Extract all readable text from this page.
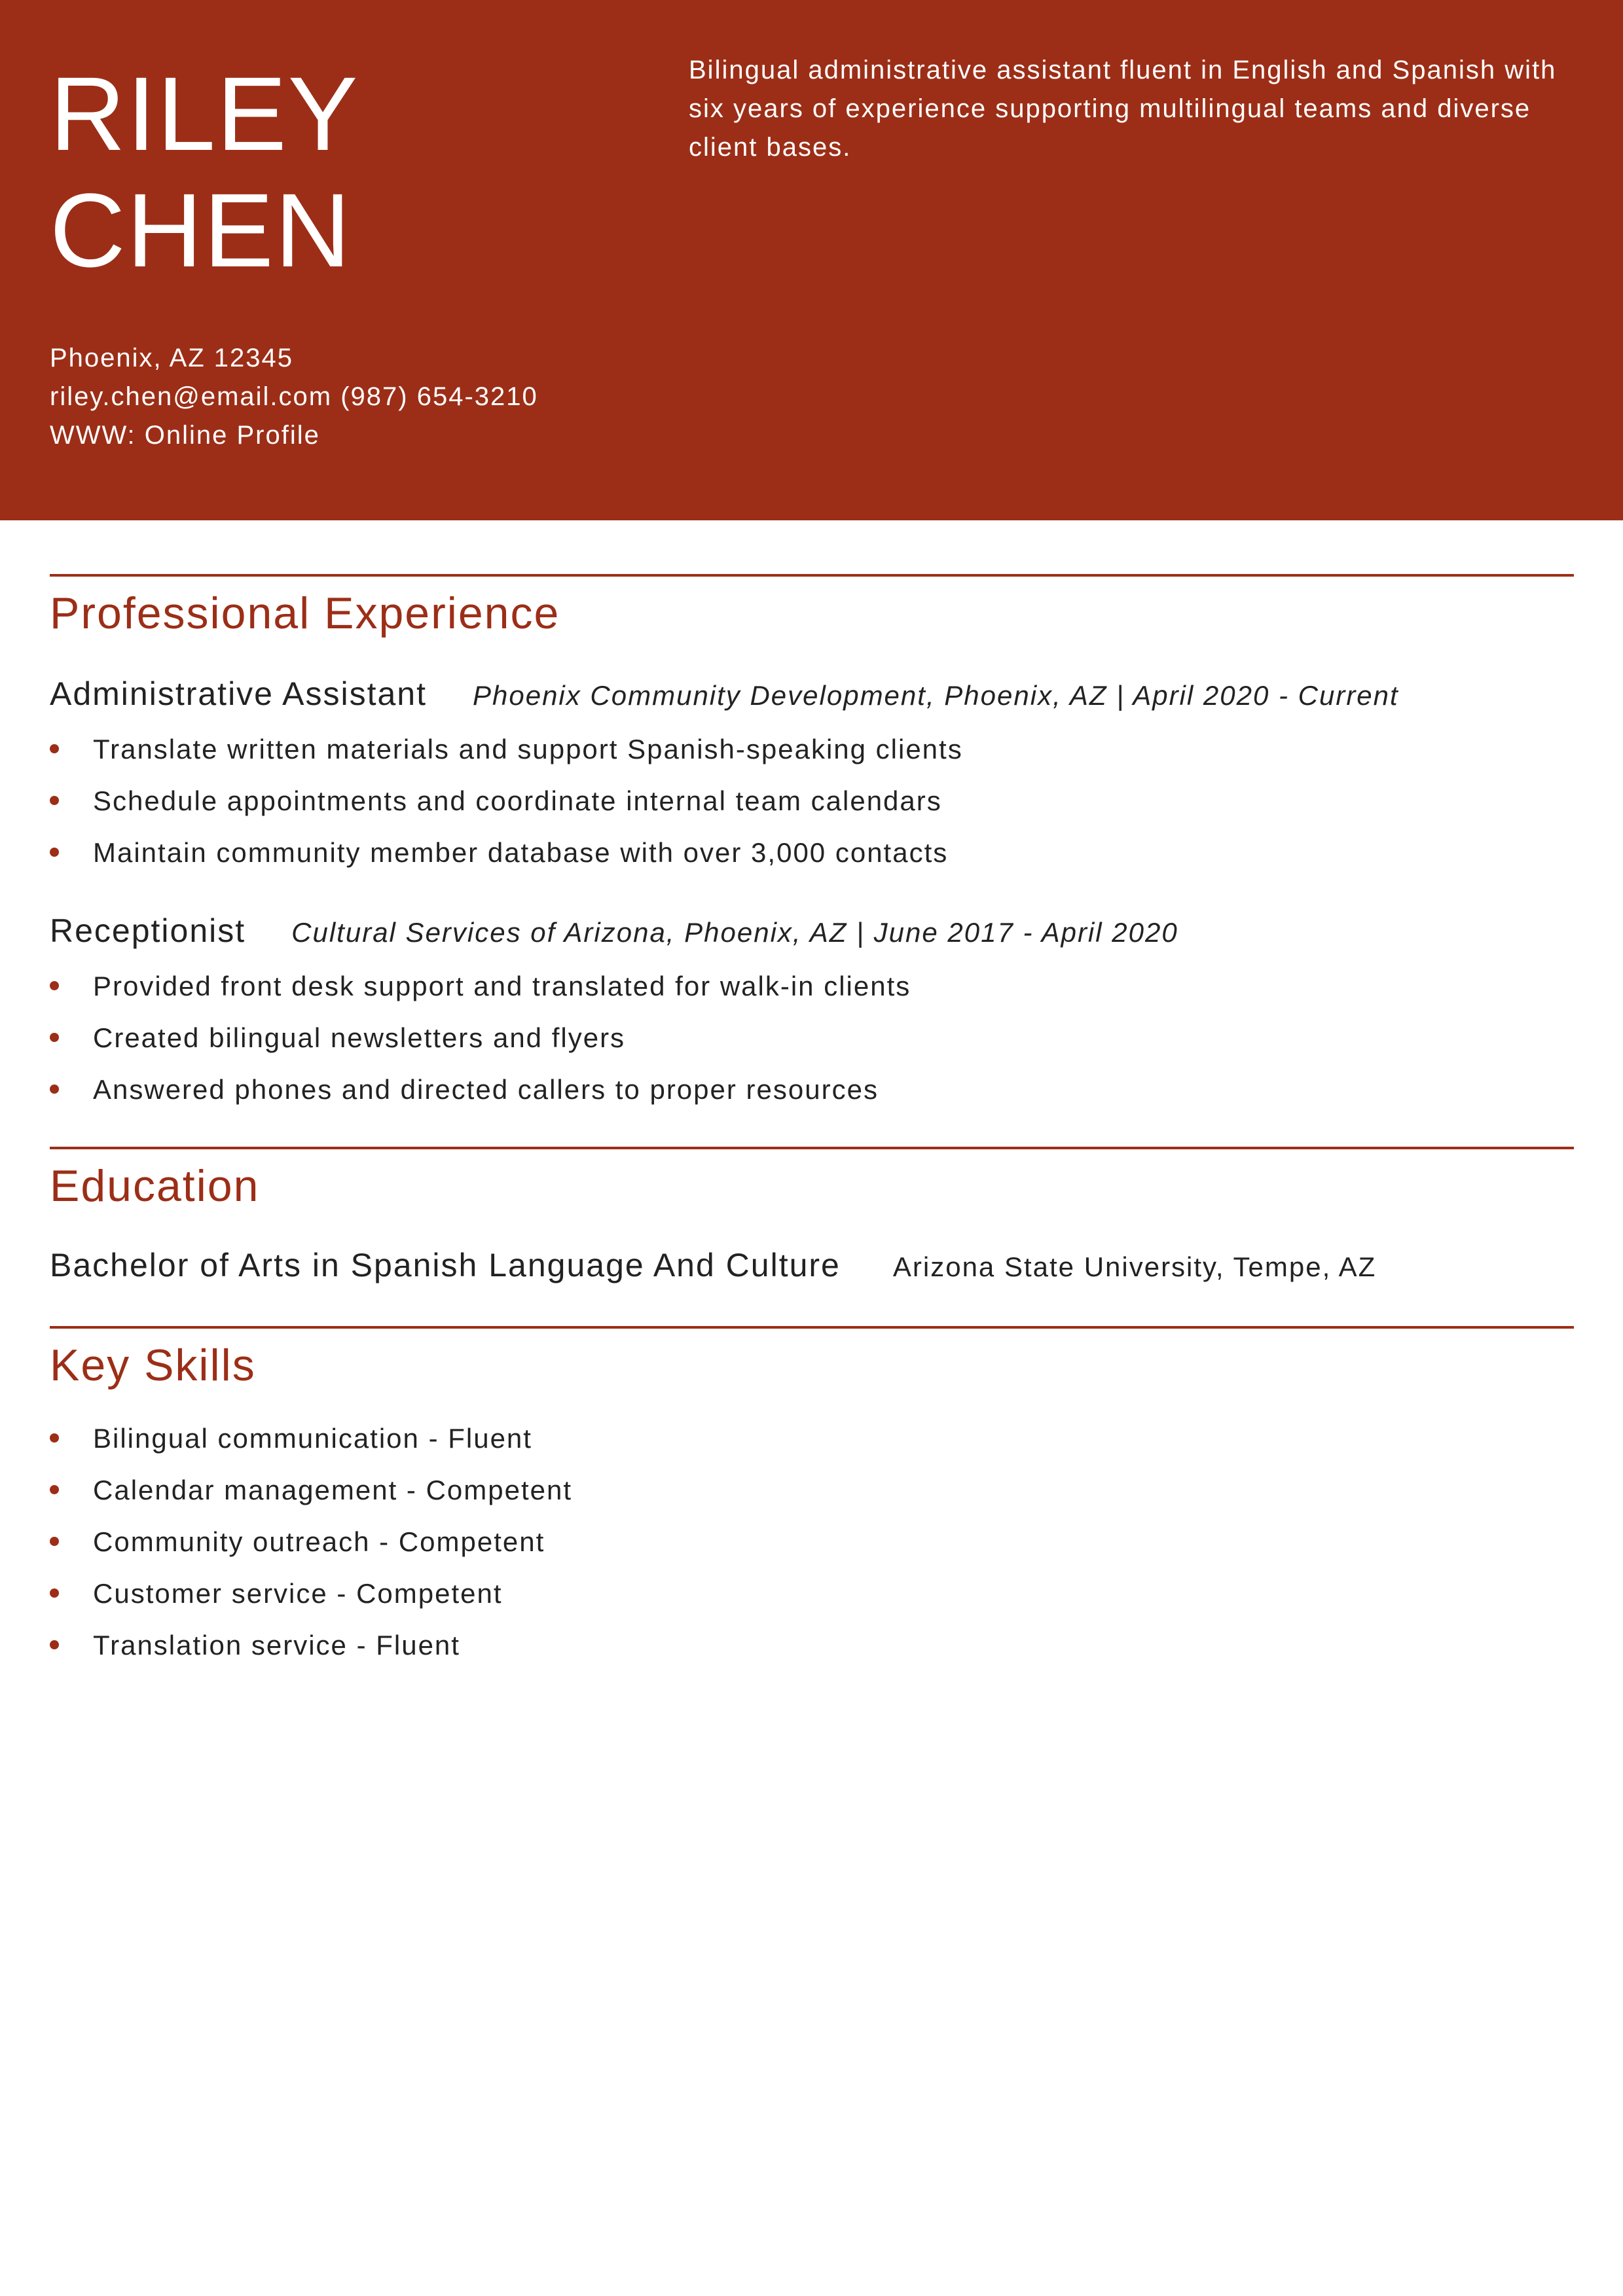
RILEY
CHEN

Bilingual administrative assistant fluent in English and Spanish with six years of experience supporting multilingual teams and diverse client bases.

Phoenix, AZ 12345
riley.chen@email.com (987) 654-3210
WWW: Online Profile
Professional Experience
Administrative Assistant Phoenix Community Development, Phoenix, AZ | April 2020 - Current
Translate written materials and support Spanish-speaking clients
Schedule appointments and coordinate internal team calendars
Maintain community member database with over 3,000 contacts
Receptionist Cultural Services of Arizona, Phoenix, AZ | June 2017 - April 2020
Provided front desk support and translated for walk-in clients
Created bilingual newsletters and flyers
Answered phones and directed callers to proper resources
Education
Bachelor of Arts in Spanish Language And Culture Arizona State University, Tempe, AZ
Key Skills
Bilingual communication - Fluent
Calendar management - Competent
Community outreach - Competent
Customer service - Competent
Translation service - Fluent
